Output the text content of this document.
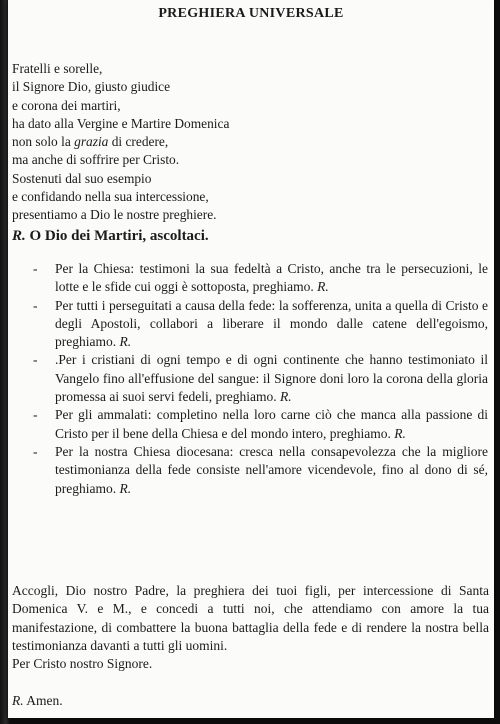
PREGHIERA UNIVERSALE
Fratelli e sorelle,
il Signore Dio, giusto giudice
e corona dei martiri,
ha dato alla Vergine e Martire Domenica
non solo la grazia di credere,
ma anche di soffrire per Cristo.
Sostenuti dal suo esempio
e confidando nella sua intercessione,
presentiamo a Dio le nostre preghiere.
R. O Dio dei Martiri, ascoltaci.
- Per la Chiesa: testimoni la sua fedeltà a Cristo, anche tra le persecuzioni, le lotte e le sfide cui oggi è sottoposta, preghiamo. R.
- Per tutti i perseguitati a causa della fede: la sofferenza, unita a quella di Cristo e degli Apostoli, collabori a liberare il mondo dalle catene dell'egoismo, preghiamo. R.
- .Per i cristiani di ogni tempo e di ogni continente che hanno testimoniato il Vangelo fino all'effusione del sangue: il Signore doni loro la corona della gloria promessa ai suoi servi fedeli, preghiamo. R.
- Per gli ammalati: completino nella loro carne ciò che manca alla passione di Cristo per il bene della Chiesa e del mondo intero, preghiamo. R.
- Per la nostra Chiesa diocesana: cresca nella consapevolezza che la migliore testimonianza della fede consiste nell'amore vicendevole, fino al dono di sé, preghiamo. R.
Accogli, Dio nostro Padre, la preghiera dei tuoi figli, per intercessione di Santa Domenica V. e M., e concedi a tutti noi, che attendiamo con amore la tua manifestazione, di combattere la buona battaglia della fede e di rendere la nostra bella testimonianza davanti a tutti gli uomini.
Per Cristo nostro Signore.
R. Amen.
